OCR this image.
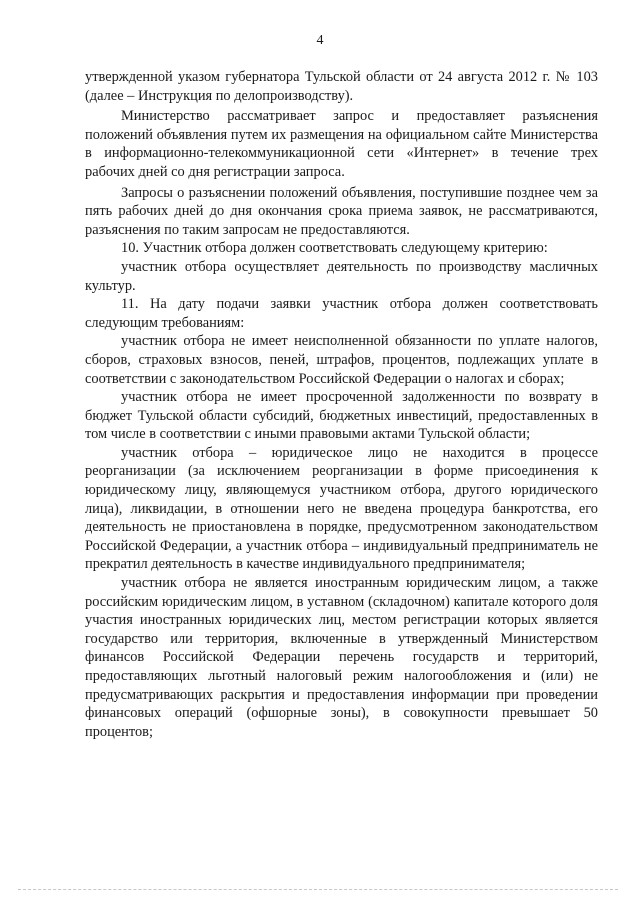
4

утвержденной указом губернатора Тульской области от 24 августа 2012 г. № 103 (далее – Инструкция по делопроизводству).

Министерство рассматривает запрос и предоставляет разъяснения положений объявления путем их размещения на официальном сайте Министерства в информационно-телекоммуникационной сети «Интернет» в течение трех рабочих дней со дня регистрации запроса.

Запросы о разъяснении положений объявления, поступившие позднее чем за пять рабочих дней до дня окончания срока приема заявок, не рассматриваются, разъяснения по таким запросам не предоставляются.

10. Участник отбора должен соответствовать следующему критерию:

участник отбора осуществляет деятельность по производству масличных культур.

11. На дату подачи заявки участник отбора должен соответствовать следующим требованиям:

участник отбора не имеет неисполненной обязанности по уплате налогов, сборов, страховых взносов, пеней, штрафов, процентов, подлежащих уплате в соответствии с законодательством Российской Федерации о налогах и сборах;

участник отбора не имеет просроченной задолженности по возврату в бюджет Тульской области субсидий, бюджетных инвестиций, предоставленных в том числе в соответствии с иными правовыми актами Тульской области;

участник отбора – юридическое лицо не находится в процессе реорганизации (за исключением реорганизации в форме присоединения к юридическому лицу, являющемуся участником отбора, другого юридического лица), ликвидации, в отношении него не введена процедура банкротства, его деятельность не приостановлена в порядке, предусмотренном законодательством Российской Федерации, а участник отбора – индивидуальный предприниматель не прекратил деятельность в качестве индивидуального предпринимателя;

участник отбора не является иностранным юридическим лицом, а также российским юридическим лицом, в уставном (складочном) капитале которого доля участия иностранных юридических лиц, местом регистрации которых является государство или территория, включенные в утвержденный Министерством финансов Российской Федерации перечень государств и территорий, предоставляющих льготный налоговый режим налогообложения и (или) не предусматривающих раскрытия и предоставления информации при проведении финансовых операций (офшорные зоны), в совокупности превышает 50 процентов;
